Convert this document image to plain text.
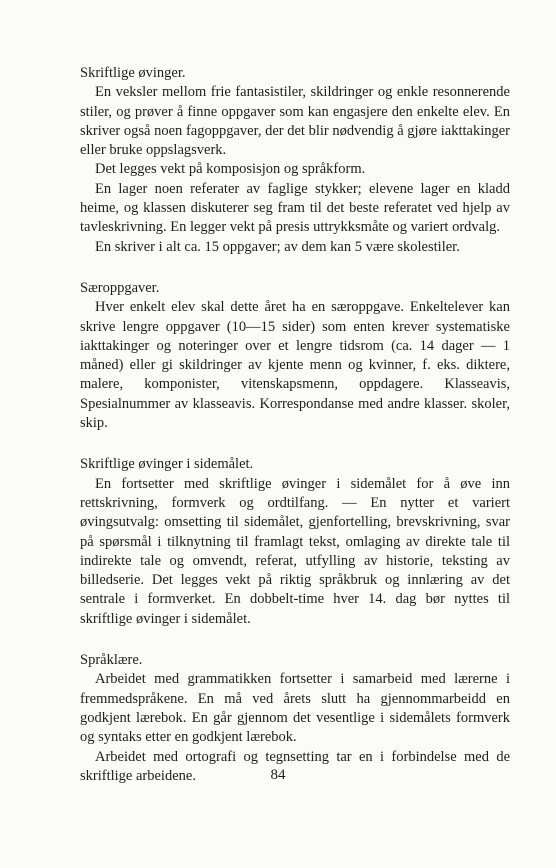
Skriftlige øvinger.

En veksler mellom frie fantasistiler, skildringer og enkle resonnerende stiler, og prøver å finne oppgaver som kan engasjere den enkelte elev. En skriver også noen fagoppgaver, der det blir nødvendig å gjøre iakttakinger eller bruke oppslagsverk.

Det legges vekt på komposisjon og språkform.

En lager noen referater av faglige stykker; elevene lager en kladd heime, og klassen diskuterer seg fram til det beste referatet ved hjelp av tavleskrivning. En legger vekt på presis uttrykksmåte og variert ordvalg.

En skriver i alt ca. 15 oppgaver; av dem kan 5 være skolestiler.

Særoppgaver.

Hver enkelt elev skal dette året ha en særoppgave. Enkeltelever kan skrive lengre oppgaver (10—15 sider) som enten krever systematiske iakttakinger og noteringer over et lengre tidsrom (ca. 14 dager — 1 måned) eller gi skildringer av kjente menn og kvinner, f. eks. diktere, malere, komponister, vitenskapsmenn, oppdagere. Klasseavis, Spesialnummer av klasseavis. Korrespondanse med andre klasser. skoler, skip.

Skriftlige øvinger i sidemålet.

En fortsetter med skriftlige øvinger i sidemålet for å øve inn rettskrivning, formverk og ordtilfang. — En nytter et variert øvingsutvalg: omsetting til sidemålet, gjenfortelling, brevskrivning, svar på spørsmål i tilknytning til framlagt tekst, omlaging av direkte tale til indirekte tale og omvendt, referat, utfylling av historie, teksting av billedserie. Det legges vekt på riktig språkbruk og innlæring av det sentrale i formverket. En dobbelt-time hver 14. dag bør nyttes til skriftlige øvinger i sidemålet.

Språklære.

Arbeidet med grammatikken fortsetter i samarbeid med lærerne i fremmedspråkene. En må ved årets slutt ha gjennommarbeidd en godkjent lærebok. En går gjennom det vesentlige i sidemålets formverk og syntaks etter en godkjent lærebok.

Arbeidet med ortografi og tegnsetting tar en i forbindelse med de skriftlige arbeidene.	84
